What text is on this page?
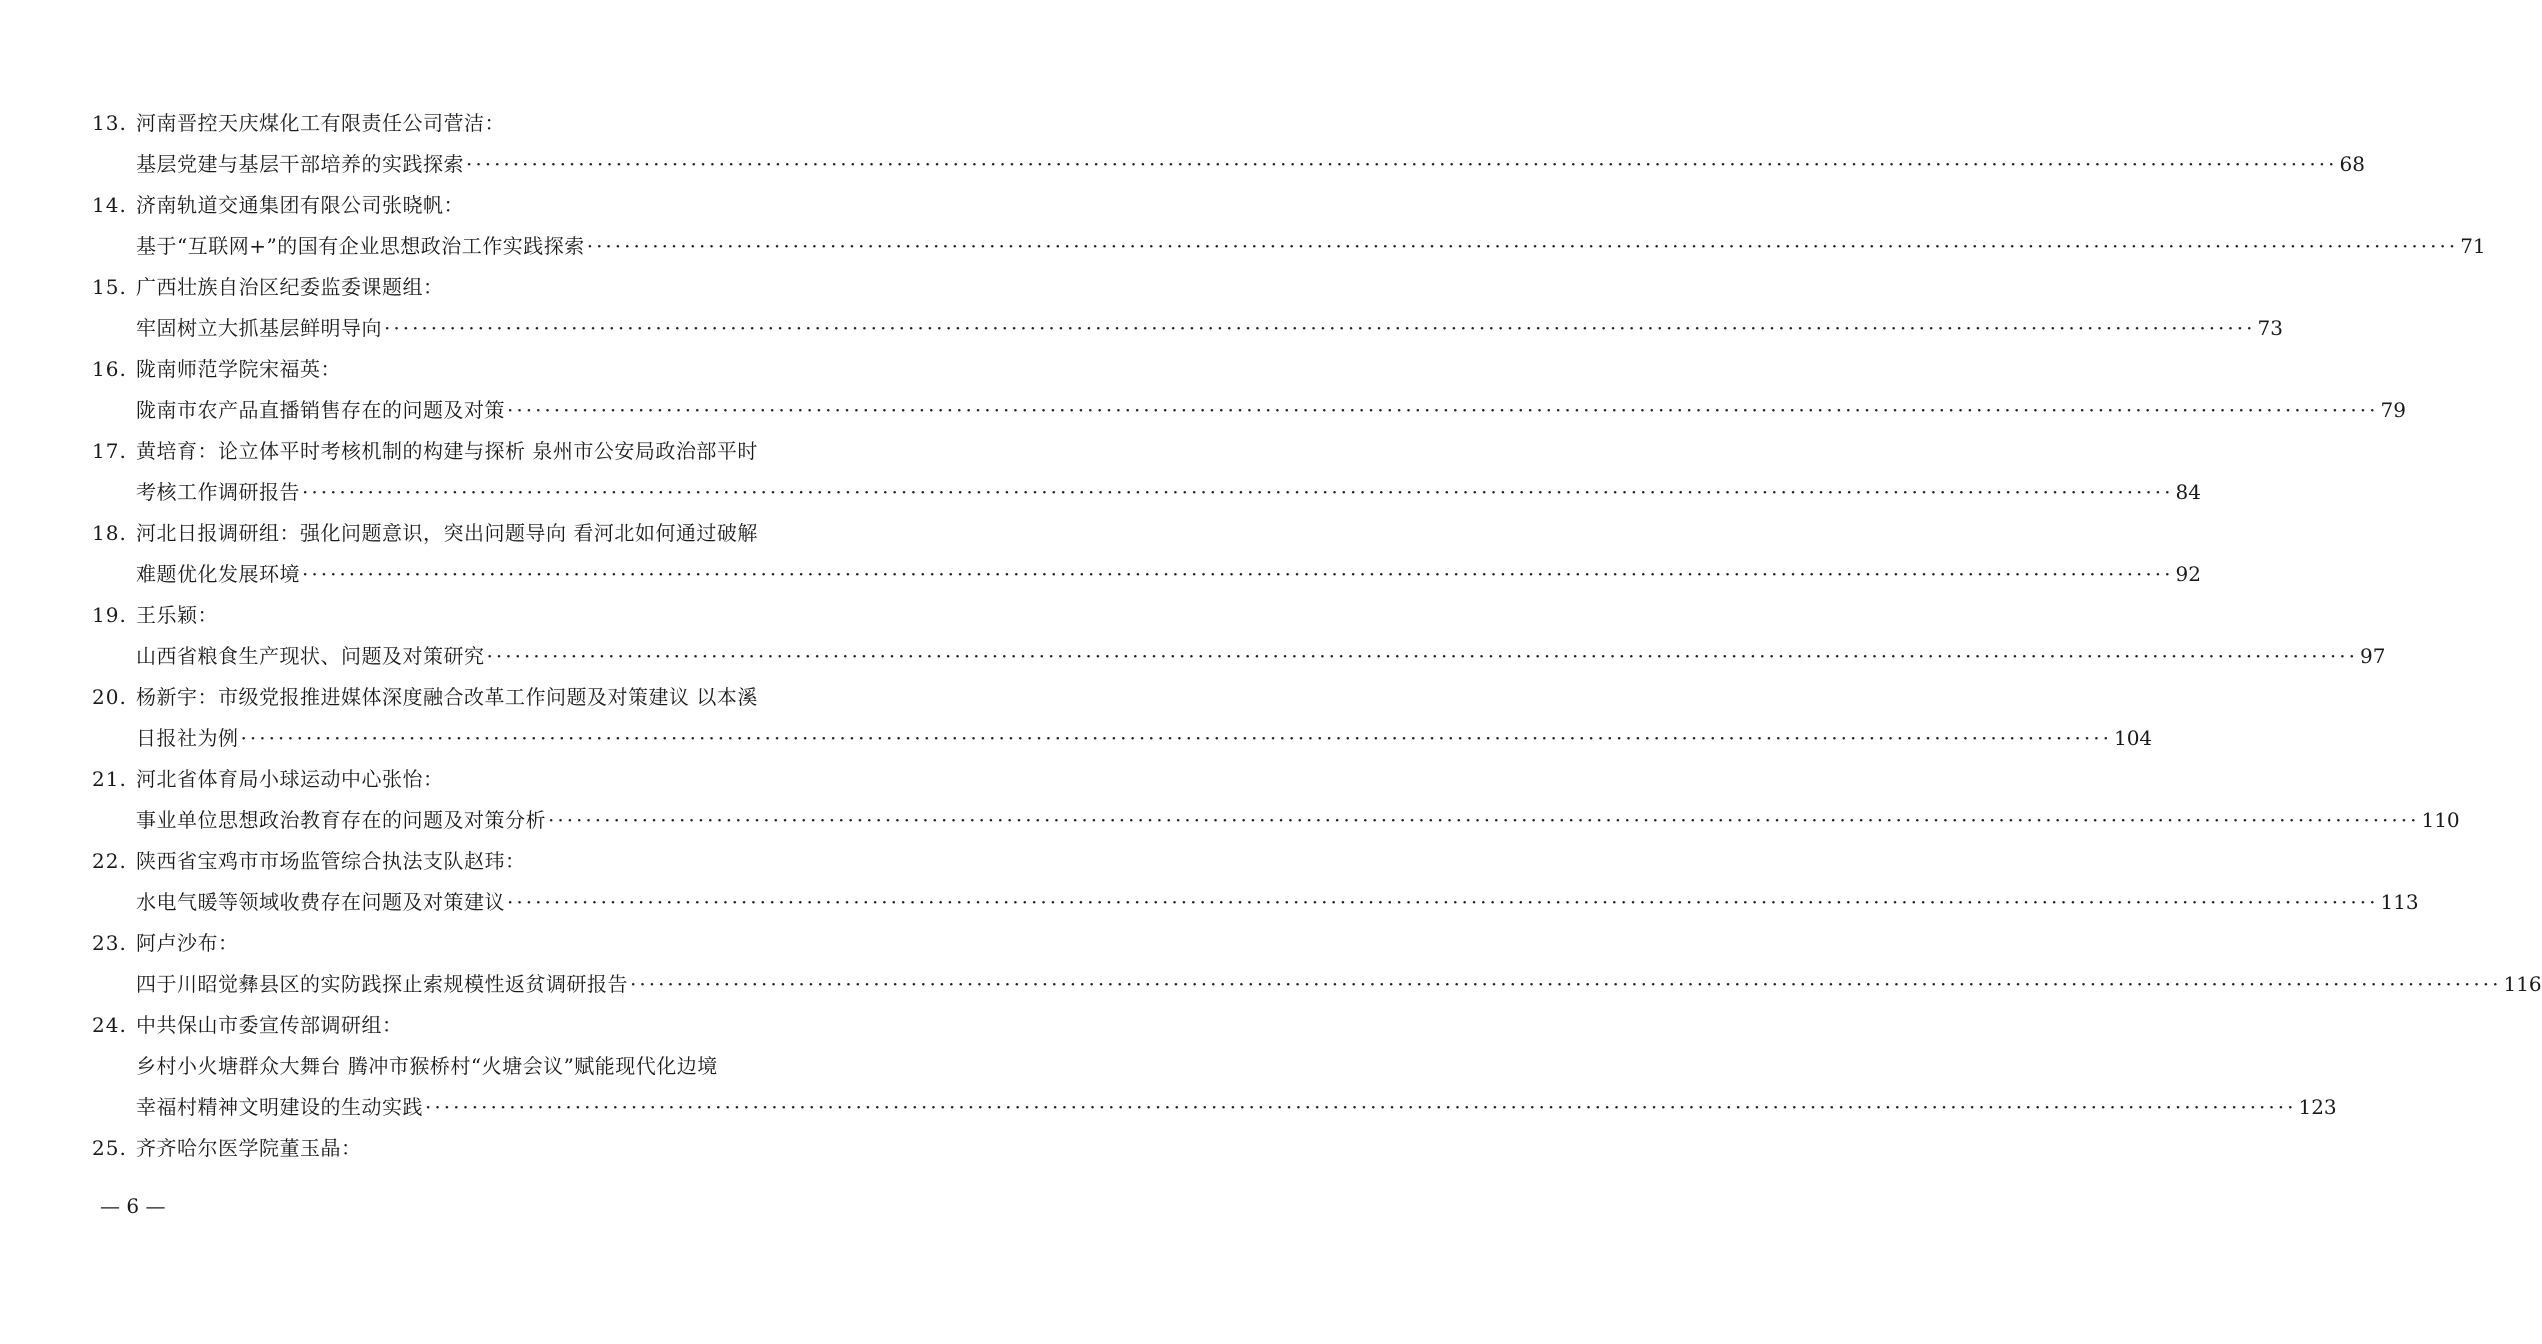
13. 河南晋控天庆煤化工有限责任公司菅洁：
基层党建与基层干部培养的实践探索 ········································································································································································································ 68
14. 济南轨道交通集团有限公司张晓帆：
基于“互联网+”的国有企业思想政治工作实践探索 ········································································································································································································ 71
15. 广西壮族自治区纪委监委课题组：
牢固树立大抓基层鲜明导向 ········································································································································································································ 73
16. 陇南师范学院宋福英：
陇南市农产品直播销售存在的问题及对策 ········································································································································································································ 79
17. 黄培育：论立体平时考核机制的构建与探析 泉州市公安局政治部平时
考核工作调研报告 ········································································································································································································ 84
18. 河北日报调研组：强化问题意识，突出问题导向 看河北如何通过破解
难题优化发展环境 ········································································································································································································ 92
19. 王乐颖：
山西省粮食生产现状、问题及对策研究 ········································································································································································································ 97
20. 杨新宇：市级党报推进媒体深度融合改革工作问题及对策建议 以本溪
日报社为例 ········································································································································································································ 104
21. 河北省体育局小球运动中心张怡：
事业单位思想政治教育存在的问题及对策分析 ········································································································································································································ 110
22. 陕西省宝鸡市市场监管综合执法支队赵玮：
水电气暖等领域收费存在问题及对策建议 ········································································································································································································ 113
23. 阿卢沙布：
四于川昭觉彝县区的实防践探止索规模性返贫调研报告 ········································································································································································································ 116
24. 中共保山市委宣传部调研组：
乡村小火塘群众大舞台 腾冲市猴桥村“火塘会议”赋能现代化边境
幸福村精神文明建设的生动实践 ········································································································································································································ 123
25. 齐齐哈尔医学院董玉晶：
— 6 —
